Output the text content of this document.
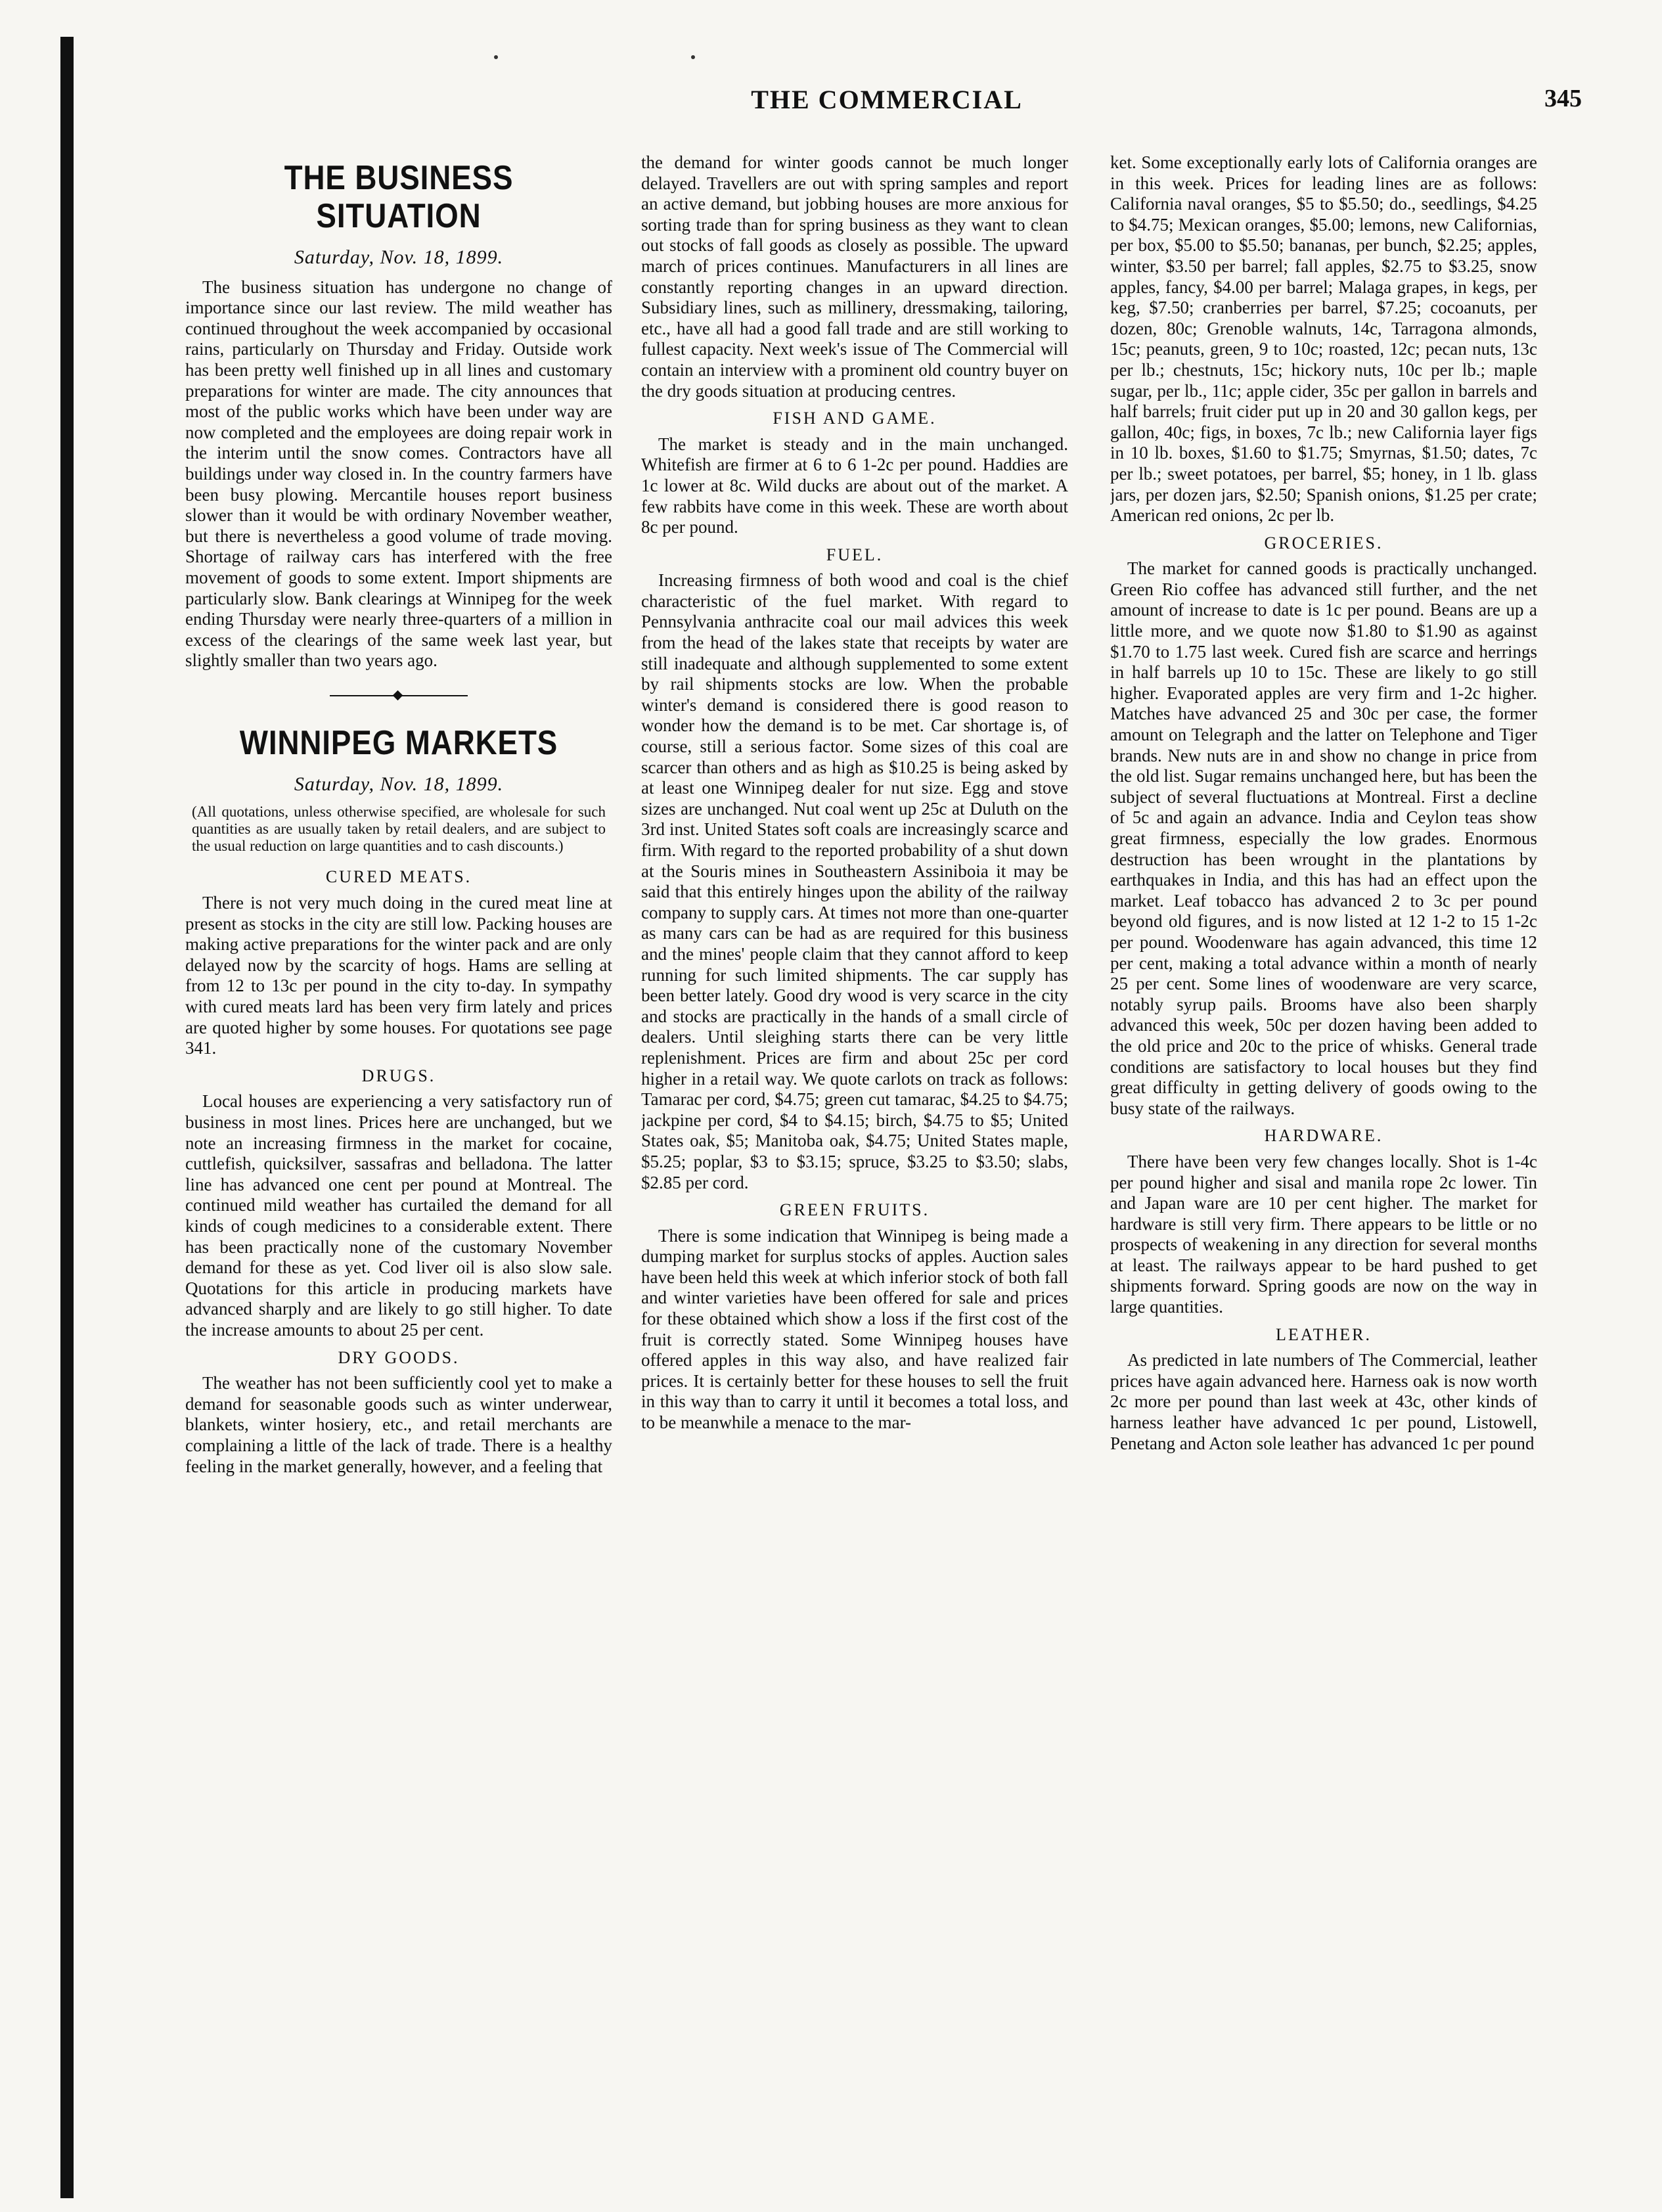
THE COMMERCIAL	345
THE BUSINESS SITUATION
Saturday, Nov. 18, 1899.

The business situation has undergone no change of importance since our last review. The mild weather has continued throughout the week accompanied by occasional rains, particularly on Thursday and Friday. Outside work has been pretty well finished up in all lines and customary preparations for winter are made. The city announces that most of the public works which have been under way are now completed and the employees are doing repair work in the interim until the snow comes. Contractors have all buildings under way closed in. In the country farmers have been busy plowing. Mercantile houses report business slower than it would be with ordinary November weather, but there is nevertheless a good volume of trade moving. Shortage of railway cars has interfered with the free movement of goods to some extent. Import shipments are particularly slow. Bank clearings at Winnipeg for the week ending Thursday were nearly three-quarters of a million in excess of the clearings of the same week last year, but slightly smaller than two years ago.

WINNIPEG MARKETS
Saturday, Nov. 18, 1899.
(All quotations, unless otherwise specified, are wholesale for such quantities as are usually taken by retail dealers, and are subject to the usual reduction on large quantities and to cash discounts.)
CURED MEATS.

There is not very much doing in the cured meat line at present as stocks in the city are still low. Packing houses are making active preparations for the winter pack and are only delayed now by the scarcity of hogs. Hams are selling at from 12 to 13c per pound in the city to-day. In sympathy with cured meats lard has been very firm lately and prices are quoted higher by some houses. For quotations see page 341.

DRUGS.

Local houses are experiencing a very satisfactory run of business in most lines. Prices here are unchanged, but we note an increasing firmness in the market for cocaine, cuttlefish, quicksilver, sassafras and belladona. The latter line has advanced one cent per pound at Montreal. The continued mild weather has curtailed the demand for all kinds of cough medicines to a considerable extent. There has been practically none of the customary November demand for these as yet. Cod liver oil is also slow sale. Quotations for this article in producing markets have advanced sharply and are likely to go still higher. To date the increase amounts to about 25 per cent.

DRY GOODS.

The weather has not been sufficiently cool yet to make a demand for seasonable goods such as winter underwear, blankets, winter hosiery, etc., and retail merchants are complaining a little of the lack of trade. There is a healthy feeling in the market generally, however, and a feeling that

the demand for winter goods cannot be much longer delayed. Travellers are out with spring samples and report an active demand, but jobbing houses are more anxious for sorting trade than for spring business as they want to clean out stocks of fall goods as closely as possible. The upward march of prices continues. Manufacturers in all lines are constantly reporting changes in an upward direction. Subsidiary lines, such as millinery, dressmaking, tailoring, etc., have all had a good fall trade and are still working to fullest capacity. Next week's issue of The Commercial will contain an interview with a prominent old country buyer on the dry goods situation at producing centres.

FISH AND GAME.

The market is steady and in the main unchanged. Whitefish are firmer at 6 to 6 1-2c per pound. Haddies are 1c lower at 8c. Wild ducks are about out of the market. A few rabbits have come in this week. These are worth about 8c per pound.

FUEL.

Increasing firmness of both wood and coal is the chief characteristic of the fuel market. With regard to Pennsylvania anthracite coal our mail advices this week from the head of the lakes state that receipts by water are still inadequate and although supplemented to some extent by rail shipments stocks are low. When the probable winter's demand is considered there is good reason to wonder how the demand is to be met. Car shortage is, of course, still a serious factor. Some sizes of this coal are scarcer than others and as high as $10.25 is being asked by at least one Winnipeg dealer for nut size. Egg and stove sizes are unchanged. Nut coal went up 25c at Duluth on the 3rd inst. United States soft coals are increasingly scarce and firm. With regard to the reported probability of a shut down at the Souris mines in Southeastern Assiniboia it may be said that this entirely hinges upon the ability of the railway company to supply cars. At times not more than one-quarter as many cars can be had as are required for this business and the mines' people claim that they cannot afford to keep running for such limited shipments. The car supply has been better lately. Good dry wood is very scarce in the city and stocks are practically in the hands of a small circle of dealers. Until sleighing starts there can be very little replenishment. Prices are firm and about 25c per cord higher in a retail way. We quote carlots on track as follows: Tamarac per cord, $4.75; green cut tamarac, $4.25 to $4.75; jackpine per cord, $4 to $4.15; birch, $4.75 to $5; United States oak, $5; Manitoba oak, $4.75; United States maple, $5.25; poplar, $3 to $3.15; spruce, $3.25 to $3.50; slabs, $2.85 per cord.

GREEN FRUITS.

There is some indication that Winnipeg is being made a dumping market for surplus stocks of apples. Auction sales have been held this week at which inferior stock of both fall and winter varieties have been offered for sale and prices for these obtained which show a loss if the first cost of the fruit is correctly stated. Some Winnipeg houses have offered apples in this way also, and have realized fair prices. It is certainly better for these houses to sell the fruit in this way than to carry it until it becomes a total loss, and to be meanwhile a menace to the mar-

ket. Some exceptionally early lots of California oranges are in this week. Prices for leading lines are as follows: California naval oranges, $5 to $5.50; do., seedlings, $4.25 to $4.75; Mexican oranges, $5.00; lemons, new Californias, per box, $5.00 to $5.50; bananas, per bunch, $2.25; apples, winter, $3.50 per barrel; fall apples, $2.75 to $3.25, snow apples, fancy, $4.00 per barrel; Malaga grapes, in kegs, per keg, $7.50; cranberries per barrel, $7.25; cocoanuts, per dozen, 80c; Grenoble walnuts, 14c, Tarragona almonds, 15c; peanuts, green, 9 to 10c; roasted, 12c; pecan nuts, 13c per lb.; chestnuts, 15c; hickory nuts, 10c per lb.; maple sugar, per lb., 11c; apple cider, 35c per gallon in barrels and half barrels; fruit cider put up in 20 and 30 gallon kegs, per gallon, 40c; figs, in boxes, 7c lb.; new California layer figs in 10 lb. boxes, $1.60 to $1.75; Smyrnas, $1.50; dates, 7c per lb.; sweet potatoes, per barrel, $5; honey, in 1 lb. glass jars, per dozen jars, $2.50; Spanish onions, $1.25 per crate; American red onions, 2c per lb.

GROCERIES.

The market for canned goods is practically unchanged. Green Rio coffee has advanced still further, and the net amount of increase to date is 1c per pound. Beans are up a little more, and we quote now $1.80 to $1.90 as against $1.70 to 1.75 last week. Cured fish are scarce and herrings in half barrels up 10 to 15c. These are likely to go still higher. Evaporated apples are very firm and 1-2c higher. Matches have advanced 25 and 30c per case, the former amount on Telegraph and the latter on Telephone and Tiger brands. New nuts are in and show no change in price from the old list. Sugar remains unchanged here, but has been the subject of several fluctuations at Montreal. First a decline of 5c and again an advance. India and Ceylon teas show great firmness, especially the low grades. Enormous destruction has been wrought in the plantations by earthquakes in India, and this has had an effect upon the market. Leaf tobacco has advanced 2 to 3c per pound beyond old figures, and is now listed at 12 1-2 to 15 1-2c per pound. Woodenware has again advanced, this time 12 per cent, making a total advance within a month of nearly 25 per cent. Some lines of woodenware are very scarce, notably syrup pails. Brooms have also been sharply advanced this week, 50c per dozen having been added to the old price and 20c to the price of whisks. General trade conditions are satisfactory to local houses but they find great difficulty in getting delivery of goods owing to the busy state of the railways.

HARDWARE.

There have been very few changes locally. Shot is 1-4c per pound higher and sisal and manila rope 2c lower. Tin and Japan ware are 10 per cent higher. The market for hardware is still very firm. There appears to be little or no prospects of weakening in any direction for several months at least. The railways appear to be hard pushed to get shipments forward. Spring goods are now on the way in large quantities.

LEATHER.

As predicted in late numbers of The Commercial, leather prices have again advanced here. Harness oak is now worth 2c more per pound than last week at 43c, other kinds of harness leather have advanced 1c per pound, Listowell, Penetang and Acton sole leather has advanced 1c per pound
